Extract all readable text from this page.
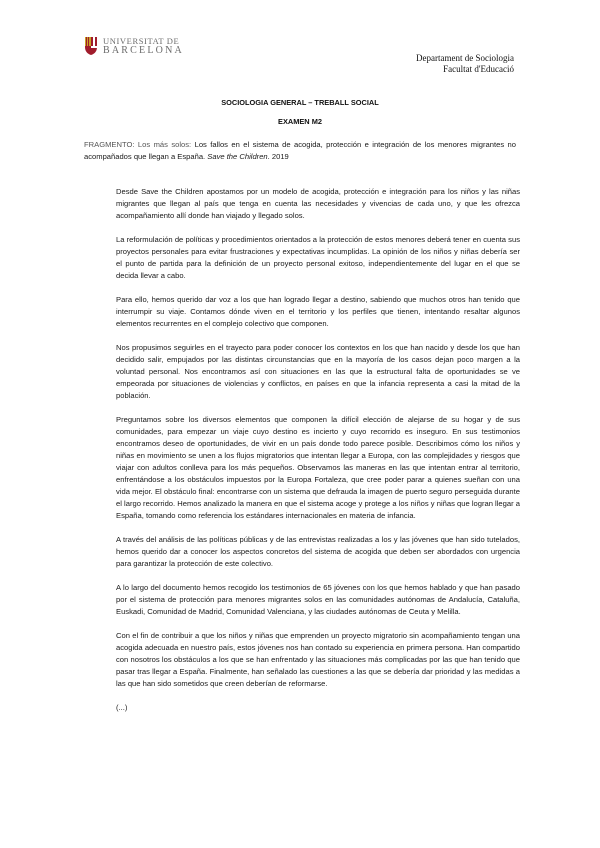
UNIVERSITAT DE
BARCELONA
Departament de Sociologia
Facultat d'Educació
SOCIOLOGIA GENERAL – TREBALL SOCIAL
EXAMEN M2
FRAGMENTO: Los más solos: Los fallos en el sistema de acogida, protección e integración de los menores migrantes no acompañados que llegan a España. Save the Children. 2019

Desde Save the Children apostamos por un modelo de acogida, protección e integración para los niños y las niñas migrantes que llegan al país que tenga en cuenta las necesidades y vivencias de cada uno, y que les ofrezca acompañamiento allí donde han viajado y llegado solos.

La reformulación de políticas y procedimientos orientados a la protección de estos menores deberá tener en cuenta sus proyectos personales para evitar frustraciones y expectativas incumplidas. La opinión de los niños y niñas debería ser el punto de partida para la definición de un proyecto personal exitoso, independientemente del lugar en el que se decida llevar a cabo.

Para ello, hemos querido dar voz a los que han logrado llegar a destino, sabiendo que muchos otros han tenido que interrumpir su viaje. Contamos dónde viven en el territorio y los perfiles que tienen, intentando resaltar algunos elementos recurrentes en el complejo colectivo que componen.

Nos propusimos seguirles en el trayecto para poder conocer los contextos en los que han nacido y desde los que han decidido salir, empujados por las distintas circunstancias que en la mayoría de los casos dejan poco margen a la voluntad personal. Nos encontramos así con situaciones en las que la estructural falta de oportunidades se ve empeorada por situaciones de violencias y conflictos, en países en que la infancia representa a casi la mitad de la población.

Preguntamos sobre los diversos elementos que componen la difícil elección de alejarse de su hogar y de sus comunidades, para empezar un viaje cuyo destino es incierto y cuyo recorrido es inseguro. En sus testimonios encontramos deseo de oportunidades, de vivir en un país donde todo parece posible. Describimos cómo los niños y niñas en movimiento se unen a los flujos migratorios que intentan llegar a Europa, con las complejidades y riesgos que viajar con adultos conlleva para los más pequeños. Observamos las maneras en las que intentan entrar al territorio, enfrentándose a los obstáculos impuestos por la Europa Fortaleza, que cree poder parar a quienes sueñan con una vida mejor. El obstáculo final: encontrarse con un sistema que defrauda la imagen de puerto seguro perseguida durante el largo recorrido. Hemos analizado la manera en que el sistema acoge y protege a los niños y niñas que logran llegar a España, tomando como referencia los estándares internacionales en materia de infancia.

A través del análisis de las políticas públicas y de las entrevistas realizadas a los y las jóvenes que han sido tutelados, hemos querido dar a conocer los aspectos concretos del sistema de acogida que deben ser abordados con urgencia para garantizar la protección de este colectivo.

A lo largo del documento hemos recogido los testimonios de 65 jóvenes con los que hemos hablado y que han pasado por el sistema de protección para menores migrantes solos en las comunidades autónomas de Andalucía, Cataluña, Euskadi, Comunidad de Madrid, Comunidad Valenciana, y las ciudades autónomas de Ceuta y Melilla.

Con el fin de contribuir a que los niños y niñas que emprenden un proyecto migratorio sin acompañamiento tengan una acogida adecuada en nuestro país, estos jóvenes nos han contado su experiencia en primera persona. Han compartido con nosotros los obstáculos a los que se han enfrentado y las situaciones más complicadas por las que han tenido que pasar tras llegar a España. Finalmente, han señalado las cuestiones a las que se debería dar prioridad y las medidas a las que han sido sometidos que creen deberían de reformarse.

(...)
